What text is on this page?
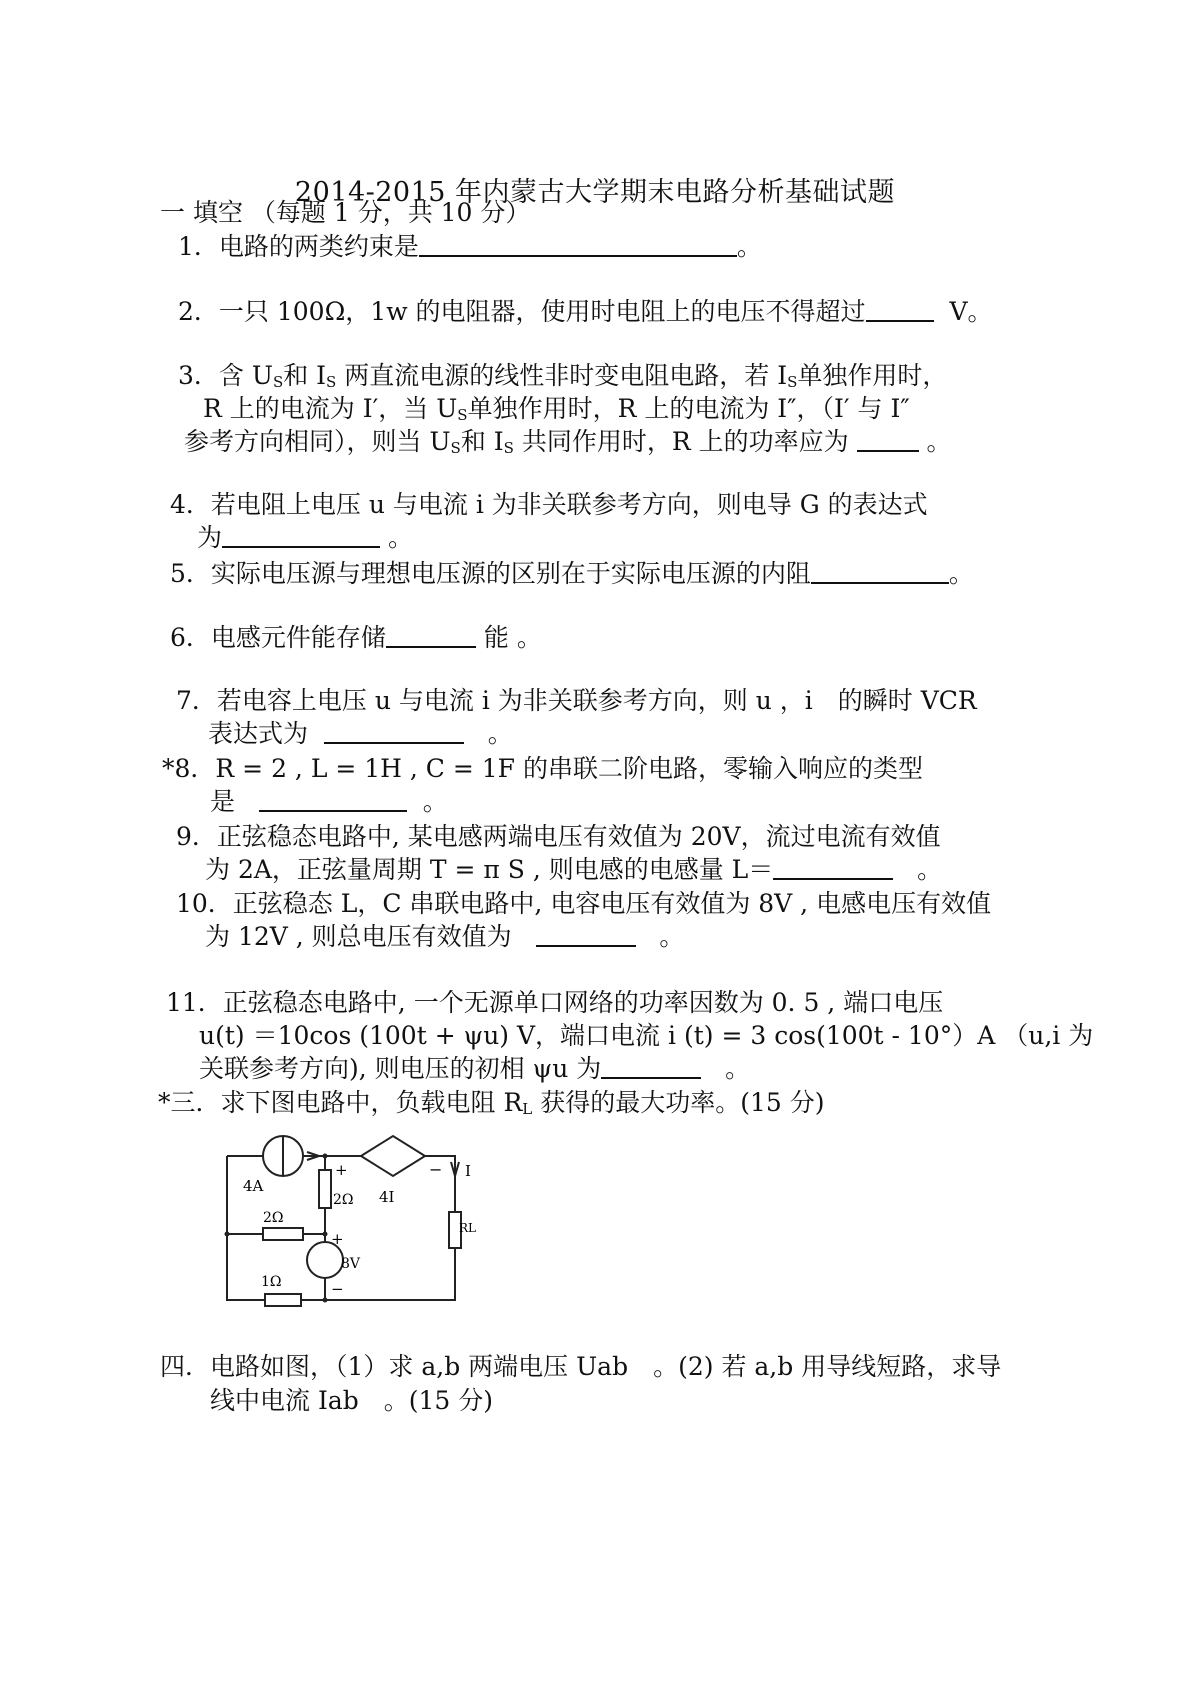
2014-2015 年内蒙古大学期末电路分析基础试题
一 填空 （每题 1 分，共 10 分）
1．电路的两类约束是	。
2．一只 100Ω，1w 的电阻器，使用时电阻上的电压不得超过	V。
3．含 $U_S$和 $I_S$ 两直流电源的线性非时变电阻电路，若 $I_S$单独作用时，
R 上的电流为 I′，当 $U_S$单独作用时，R 上的电流为 I″，（I′ 与 I″
参考方向相同），则当 $U_S$和 $I_S$ 共同作用时，R 上的功率应为	。
4．若电阻上电压 u 与电流 i 为非关联参考方向，则电导 G 的表达式
为	。
5．实际电压源与理想电压源的区别在于实际电压源的内阻	。
6．电感元件能存储	能 。
7．若电容上电压 u 与电流 i 为非关联参考方向，则 u ，i　的瞬时 VCR
表达式为	。
*8．R = 2 , L = 1H , C = 1F 的串联二阶电路，零输入响应的类型
是	。
9．正弦稳态电路中, 某电感两端电压有效值为 20V，流过电流有效值
为 2A，正弦量周期 T = π S , 则电感的电感量 L＝	。
10．正弦稳态 L，C 串联电路中, 电容电压有效值为 8V , 电感电压有效值
为 12V , 则总电压有效值为	。
11．正弦稳态电路中, 一个无源单口网络的功率因数为 0. 5 , 端口电压
u(t) ＝10cos (100t + ψu) V，端口电流 i (t) = 3 cos(100t - 10°）A （u,i 为
关联参考方向), 则电压的初相 ψu 为	。
*三．求下图电路中，负载电阻 $R_L$ 获得的最大功率。(15 分)
4A
+	−
4I
I
2Ω
2Ω
+
8V
−
1Ω
RL
四．电路如图，（1）求 a,b 两端电压 Uab　。(2) 若 a,b 用导线短路，求导
线中电流 Iab　。(15 分)
